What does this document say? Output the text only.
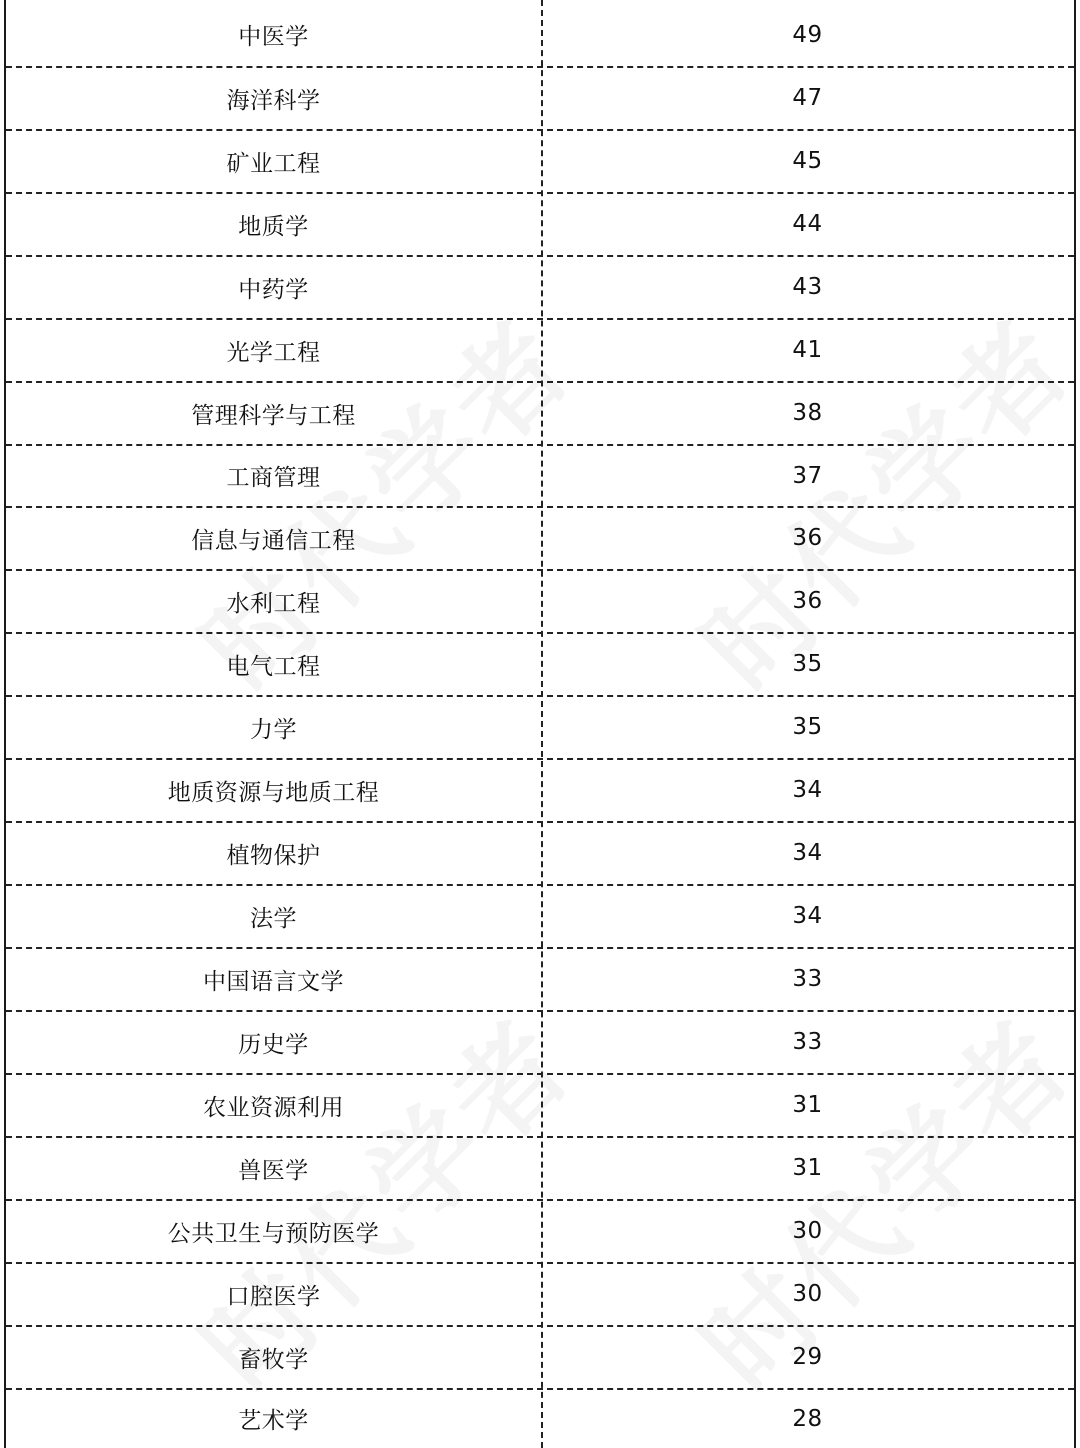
中医学	49
海洋科学	47
矿业工程	45
地质学	44
中药学	43
光学工程	41
管理科学与工程	38
工商管理	37
信息与通信工程	36
水利工程	36
电气工程	35
力学	35
地质资源与地质工程	34
植物保护	34
法学	34
中国语言文学	33
历史学	33
农业资源利用	31
兽医学	31
公共卫生与预防医学	30
口腔医学	30
畜牧学	29
艺术学	28
